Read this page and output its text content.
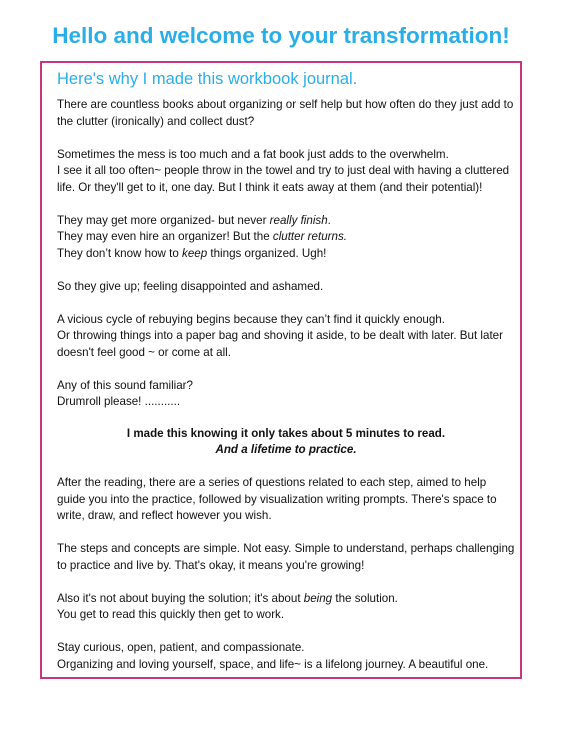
Hello and welcome to your transformation!
Here's why I made this workbook journal.

There are countless books about organizing or self help but how often do they just add to the clutter (ironically) and collect dust?

Sometimes the mess is too much and a fat book just adds to the overwhelm.
I see it all too often~ people throw in the towel and try to just deal with having a cluttered life. Or they'll get to it, one day. But I think it eats away at them (and their potential)!

They may get more organized- but never really finish.
They may even hire an organizer! But the clutter returns.
They don’t know how to keep things organized. Ugh!

So they give up; feeling disappointed and ashamed.

A vicious cycle of rebuying begins because they can’t find it quickly enough.
Or throwing things into a paper bag and shoving it aside, to be dealt with later. But later doesn't feel good ~ or come at all.

Any of this sound familiar?
Drumroll please! ...........

I made this knowing it only takes about 5 minutes to read.
And a lifetime to practice.

After the reading, there are a series of questions related to each step, aimed to help guide you into the practice, followed by visualization writing prompts. There's space to write, draw, and reflect however you wish.

The steps and concepts are simple. Not easy. Simple to understand, perhaps challenging to practice and live by. That's okay, it means you're growing!

Also it's not about buying the solution; it's about being the solution.
You get to read this quickly then get to work.

Stay curious, open, patient, and compassionate.
Organizing and loving yourself, space, and life~ is a lifelong journey. A beautiful one.
